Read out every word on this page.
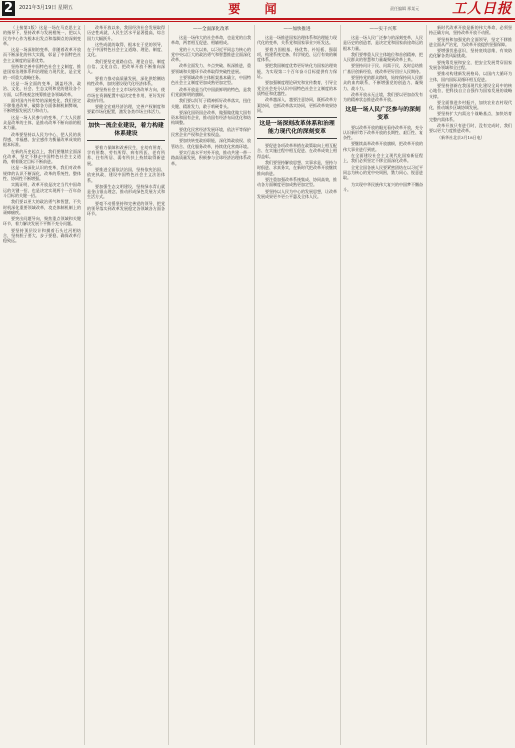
2	2021年3月19日 星期五	要 闻	责任编辑 邢某元 工人日报

（上接第1版）这是一场在马克思主义的指导下，坚持改革与发展相统一，把以人民为中心作为根本出发点和落脚点的深刻变革。

这是一场深刻的变革，伴随着改革开放而不断深化的伟大实践，彰显了中国特色社会主义制度的显著优势。

坚持和完善中国特色社会主义制度、推进国家治理体系和治理能力现代化，是全党的一项重大战略任务。

这是一场全面的变革，涵盖经济、政治、文化、社会、生态文明和党的建设各个方面，以系统观念统筹推进各领域改革。

面对国内外形势的深刻变化，我们坚定不移推进改革，破除各方面体制机制弊端，不断增强发展活力和动力。

这是一场人民参与的变革，广大人民群众是改革的主体，是推动改革不断向前的根本力量。

改革要坚持以人民为中心，把人民的获得感、幸福感、安全感作为衡量改革成效的根本标准。

在新的历史起点上，我们要继续全面深化改革，坚定不移走中国特色社会主义道路，朝着既定目标不断前进。

这是一场深化认识的变革，我们对改革规律的认识不断深化，改革的系统性、整体性、协同性不断增强。

实践证明，改革开放是决定当代中国命运的关键一招，也是决定实现两个一百年奋斗目标的关键一招。

我们要以更大的政治勇气和智慧，不失时机深化重要领域改革，攻克体制机制上的顽瘴痼疾。

要突出问题导向，聚焦重点领域和关键环节，着力解决发展不平衡不充分问题。

要坚持顶层设计和摸着石头过河相结合，坚持胆子要大、步子要稳，确保改革行稳致远。

改革开放以来，我国经济社会发展取得历史性成就，人民生活水平显著提高，综合国力大幅跃升。

这些成就的取得，根本在于党的领导，在于中国特色社会主义道路、理论、制度、文化。

我们要坚定道路自信、理论自信、制度自信、文化自信，把改革开放不断推向深入。

要着力推动高质量发展，深化供给侧结构性改革，加快建设现代化经济体系。

要坚持社会主义市场经济改革方向，使市场在资源配置中起决定性作用，更好发挥政府作用。

要健全宏观经济治理，完善产权制度和要素市场化配置，激发各类市场主体活力。

加快一流企业建设，着力构建体系建设

要着力保障和改善民生，在幼有所育、学有所教、劳有所得、病有所医、老有所养、住有所居、弱有所扶上持续取得新进展。

要推进全面依法治国，坚持依宪治国、依宪执政，建设中国特色社会主义法治体系。

要加强生态文明建设，坚持绿水青山就是金山银山理念，推动形成绿色发展方式和生活方式。

要毫不动摇坚持和完善党的领导，把党的领导落实到改革发展稳定各领域各方面各环节。

——全面深化改革

这是一场伟大的社会革命，也是党的自我革命，两者相互促进、相辅相成。

党的十八大以来，以习近平同志为核心的党中央以巨大的政治勇气和智慧推进全面深化改革。

改革全面发力、多点突破、纵深推进，重要领域和关键环节改革取得突破性进展。

主要领域改革主体框架基本确立，中国特色社会主义制度更加成熟更加定型。

改革开放是当代中国最鲜明的特色，是我们党最鲜明的旗帜。

我们要以钉钉子精神抓好改革落实，扭住关键、精准发力，敢于啃硬骨头。

要深化国资国企改革，做强做优做大国有资本和国有企业，推动国有经济布局优化和结构调整。

要优化民营经济发展环境，依法平等保护民营企业产权和企业家权益。

要加快转变政府职能，深化简政放权、放管结合、优化服务改革，持续优化营商环境。

要实行高水平对外开放，推动共建一带一路高质量发展，积极参与全球经济治理体系改革。

——加快推进

这是一场推进国家治理体系和治理能力现代化的变革，关系党和国家事业兴旺发达。

要着力固根基、扬优势、补短板、强弱项，构建系统完备、科学规范、运行有效的制度体系。

要把我国制度优势更好转化为国家治理效能，为实现第二个百年奋斗目标提供有力保证。

要加强制度理论研究和宣传教育，引导全党全社会充分认识中国特色社会主义制度的本质特征和优越性。

改革越深入，越要注意协同，既抓改革方案协同，也抓改革落实协同，更抓改革效果协同。

这是一场深刻改革体系和治理能力现代化的深刻变革

要促进各项改革举措在政策取向上相互配合、在实施过程中相互促进、在改革成效上相得益彰。

我们要坚持解放思想、实事求是，坚持与时俱进、求真务实，在新时代把改革开放继续推向前进。

要注重加强改革系统集成、协同高效，推动各方面制度更加成熟更加定型。

要坚持以人民为中心的发展思想，让改革发展成果更多更公平惠及全体人民。

——实干兴邦

这是一场人民广泛参与的深刻变革，人民是历史的创造者，是决定党和国家前途命运的根本力量。

我们要尊重人民主体地位和首创精神，把人民群众的智慧和力量凝聚到改革上来。

要坚持问计于民、问需于民，及时总结推广基层创新经验，使改革更好回应人民期待。

要坚持党的群众路线，始终保持同人民群众的血肉联系，不断增强党的创造力、凝聚力、战斗力。

改革开放永无止境，我们要以更加奋发有为的精神状态推进改革开放。

这是一场人民广泛参与的深刻变革

要以改革开放的眼光看待改革开放，充分认识新形势下改革开放的长期性、艰巨性、复杂性。

要继续高举改革开放旗帜，把改革开放的伟大事业进行到底。

在全面建设社会主义现代化国家新征程上，我们必须坚定不移全面深化改革。

全党全国各族人民要紧密团结在以习近平同志为核心的党中央周围，勠力同心、锐意进取。

为实现中华民族伟大复兴的中国梦不懈奋斗。

新时代改革开放是新的伟大革命，必须坚持正确方向，坚持改革开放不动摇。

要坚持和加强党的全面领导，坚定不移推进全面从严治党，为改革开放提供坚强保障。

要增强忧患意识，坚持底线思维，有效防范化解各类风险挑战。

要统筹发展和安全，把安全发展贯穿国家发展各领域和全过程。

要推动构建新发展格局，以国内大循环为主体，国内国际双循环相互促进。

要坚持创新在我国现代化建设全局中的核心地位，把科技自立自强作为国家发展的战略支撑。

要全面推进乡村振兴，加快农业农村现代化，推动城乡区域协调发展。

要坚持扩大内需这个战略基点，加快培育完整内需体系。

改革开放只有进行时，没有完成时，我们要以更大力度推进改革。

（新华社北京3月18日电）
